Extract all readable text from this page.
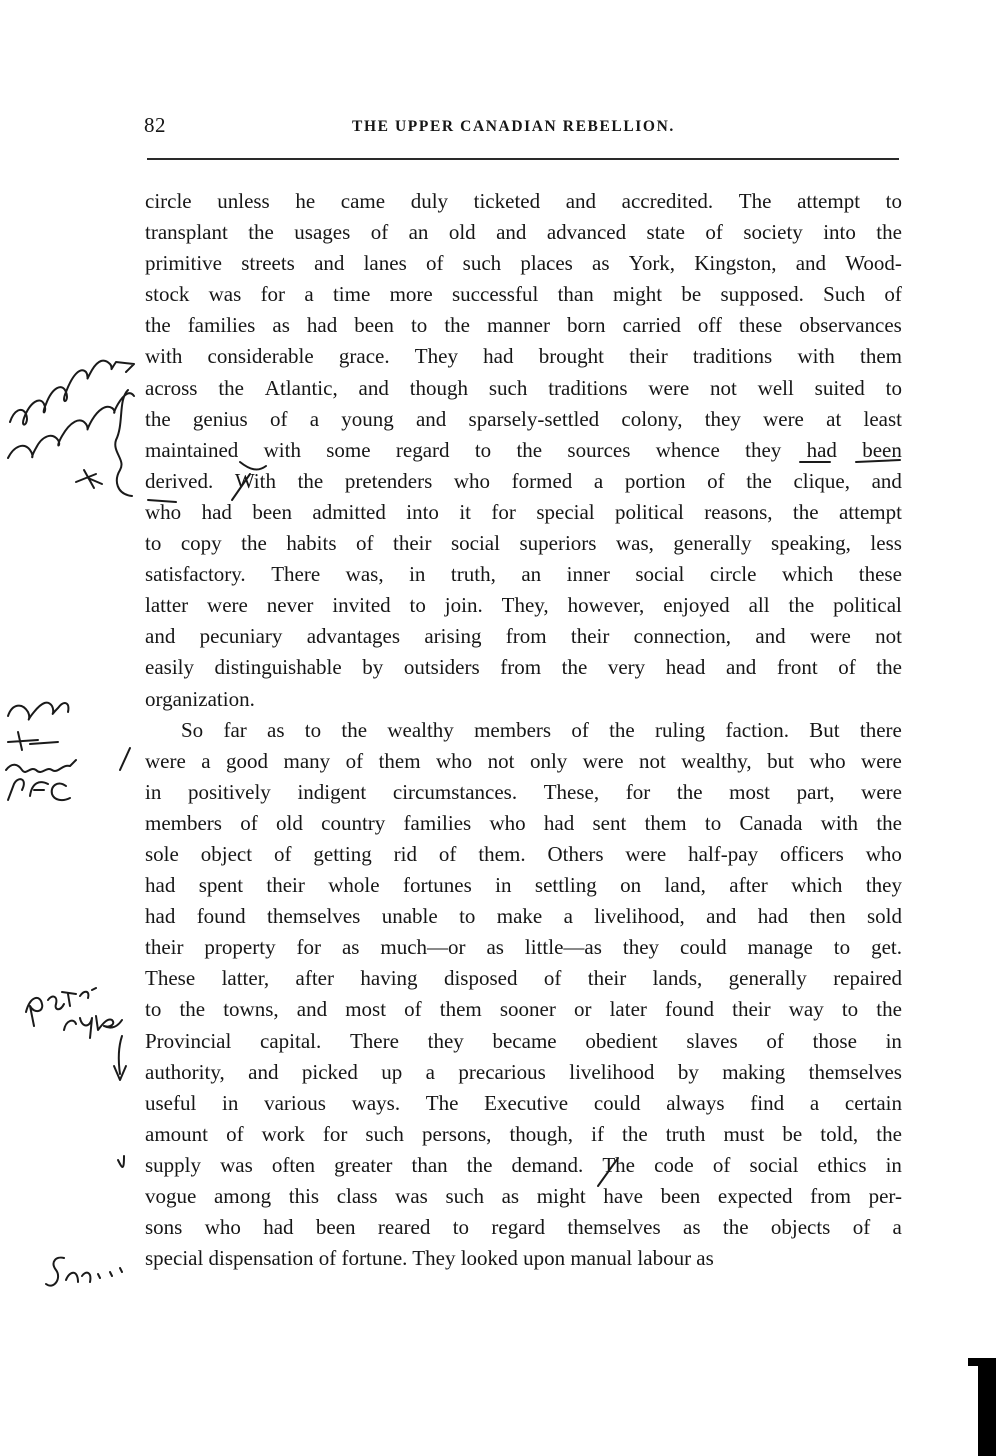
82	THE UPPER CANADIAN REBELLION.
circle unless he came duly ticketed and accredited. The attempt to
transplant the usages of an old and advanced state of society into the
primitive streets and lanes of such places as York, Kingston, and Wood-
stock was for a time more successful than might be supposed. Such of
the families as had been to the manner born carried off these observances
with considerable grace. They had brought their traditions with them
across the Atlantic, and though such traditions were not well suited to
the genius of a young and sparsely-settled colony, they were at least
maintained with some regard to the sources whence they had been
derived. With the pretenders who formed a portion of the clique, and
who had been admitted into it for special political reasons, the attempt
to copy the habits of their social superiors was, generally speaking, less
satisfactory. There was, in truth, an inner social circle which these
latter were never invited to join. They, however, enjoyed all the political
and pecuniary advantages arising from their connection, and were not
easily distinguishable by outsiders from the very head and front of the
organization.
So far as to the wealthy members of the ruling faction. But there
were a good many of them who not only were not wealthy, but who were
in positively indigent circumstances. These, for the most part, were
members of old country families who had sent them to Canada with the
sole object of getting rid of them. Others were half-pay officers who
had spent their whole fortunes in settling on land, after which they
had found themselves unable to make a livelihood, and had then sold
their property for as much—or as little—as they could manage to get.
These latter, after having disposed of their lands, generally repaired
to the towns, and most of them sooner or later found their way to the
Provincial capital. There they became obedient slaves of those in
authority, and picked up a precarious livelihood by making themselves
useful in various ways. The Executive could always find a certain
amount of work for such persons, though, if the truth must be told, the
supply was often greater than the demand. The code of social ethics in
vogue among this class was such as might have been expected from per-
sons who had been reared to regard themselves as the objects of a
special dispensation of fortune. They looked upon manual labour as
